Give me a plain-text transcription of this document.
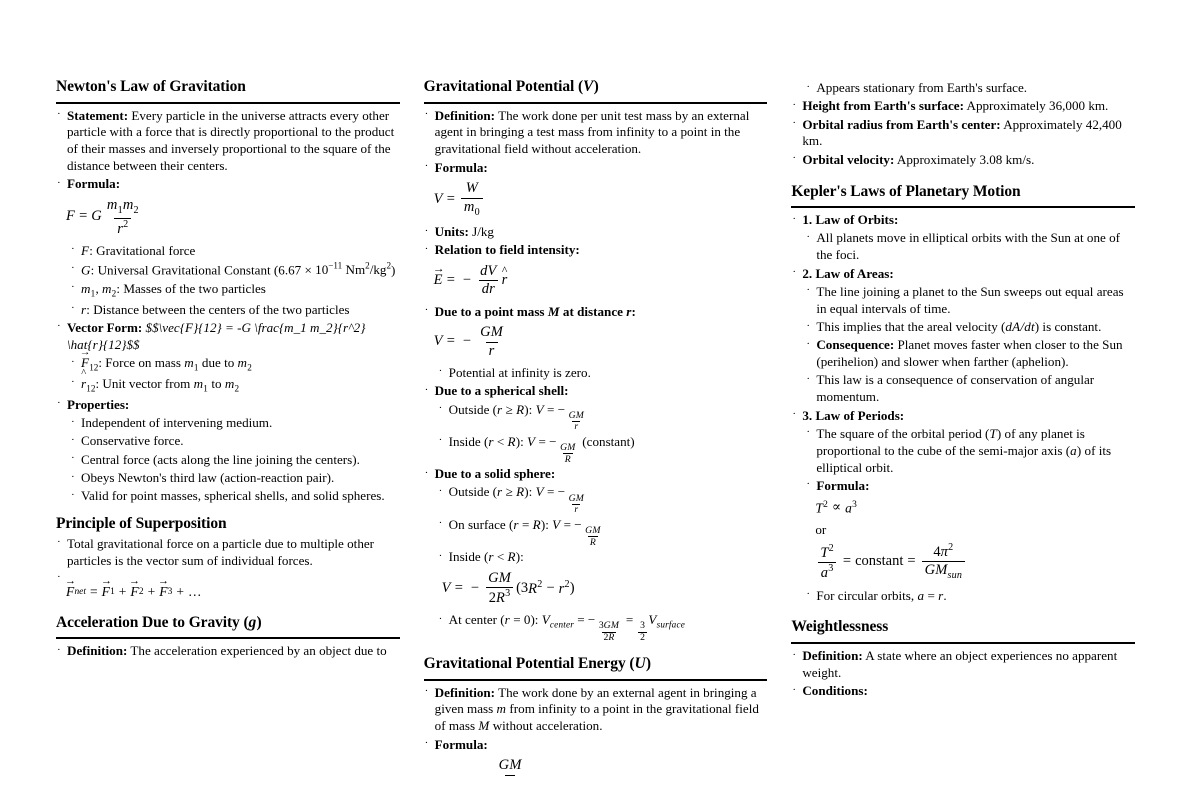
Newton's Law of Gravitation
· Statement: Every particle in the universe attracts every other particle with a force that is directly proportional to the product of their masses and inversely proportional to the square of the distance between their centers.
· Formula:
F = G $\frac{m_1m_2}{r^2}$
· F: Gravitational force
· G: Universal Gravitational Constant ($6.67 \times 10^{-11}$ $Nm^2/kg^2$)
· $m_1$, $m_2$: Masses of the two particles
· r: Distance between the centers of the two particles
· Vector Form: $$\vec{F}{12} = -G \frac{m_1 m_2}{r^2} \hat{r}{12}$$
·
→ $F_{12}$: Force on mass $m_1$ due to $m_2$
·
^ $r_{12}$: Unit vector from $m_1$ to $m_2$
· Properties:
· Independent of intervening medium.
· Conservative force.
· Central force (acts along the line joining the centers).
· Obeys Newton's third law (action-reaction pair).
· Valid for point masses, spherical shells, and solid spheres.
Principle of Superposition
· Total gravitational force on a particle due to multiple other particles is the vector sum of individual forces.
·
→
F net =
→ F 1 +
→ F 2 +
→ F 3 + …
Acceleration Due to Gravity (g)
· Definition: The acceleration experienced by an object due to
Gravitational Potential (V)
· Definition: The work done per unit test mass by an external agent in bringing a test mass from infinity to a point in the gravitational field without acceleration.
· Formula:
$V = \frac{W}{m_0}$
· Units: J/kg
· Relation to field intensity:
→
E = − $\frac{dV}{dr}$
^ r
· Due to a point mass M at distance r:
V = − $\frac{GM}{r}$
· Potential at infinity is zero.
· Due to a spherical shell:
· Outside (r ≥ R): V = −
$\frac{GM}{r}$
· Inside (r < R): V = −
$\frac{GM}{R}$
(constant)
· Due to a solid sphere:
· Outside (r ≥ R): V = −
$\frac{GM}{r}$
· On surface (r = R): V = −
$\frac{GM}{R}$
· Inside (r < R):
V = − $\frac{GM}{2R^3}$ ( 3 $R^2 - r^2$ )
· At center (r = 0): $V_{center}$ = −
$\frac{3GM}{2R}$
=
$\frac{3}{2}$
$V_{surface}$
Gravitational Potential Energy (U)
· Definition: The work done by an external agent in bringing a given mass m from infinity to a point in the gravitational field of mass M without acceleration.
· Formula:
GM

· Appears stationary from Earth's surface.
· Height from Earth's surface: Approximately 36,000 km.
· Orbital radius from Earth's center: Approximately 42,400 km.
· Orbital velocity: Approximately 3.08 km/s.
Kepler's Laws of Planetary Motion
· 1. Law of Orbits:
· All planets move in elliptical orbits with the Sun at one of the foci.
· 2. Law of Areas:
· The line joining a planet to the Sun sweeps out equal areas in equal intervals of time.
· This implies that the areal velocity (dA/dt) is constant.
· Consequence: Planet moves faster when closer to the Sun (perihelion) and slower when farther (aphelion).
· This law is a consequence of conservation of angular momentum.
· 3. Law of Periods:
· The square of the orbital period (T) of any planet is proportional to the cube of the semi-major axis (a) of its elliptical orbit.
· Formula:
$T^2 \propto a^3$
or
$\frac{T^2}{a^3}$ = constant = $\frac{4\pi^2}{GM_{sun}}$
· For circular orbits, a = r.
Weightlessness
· Definition: A state where an object experiences no apparent weight.
· Conditions:
